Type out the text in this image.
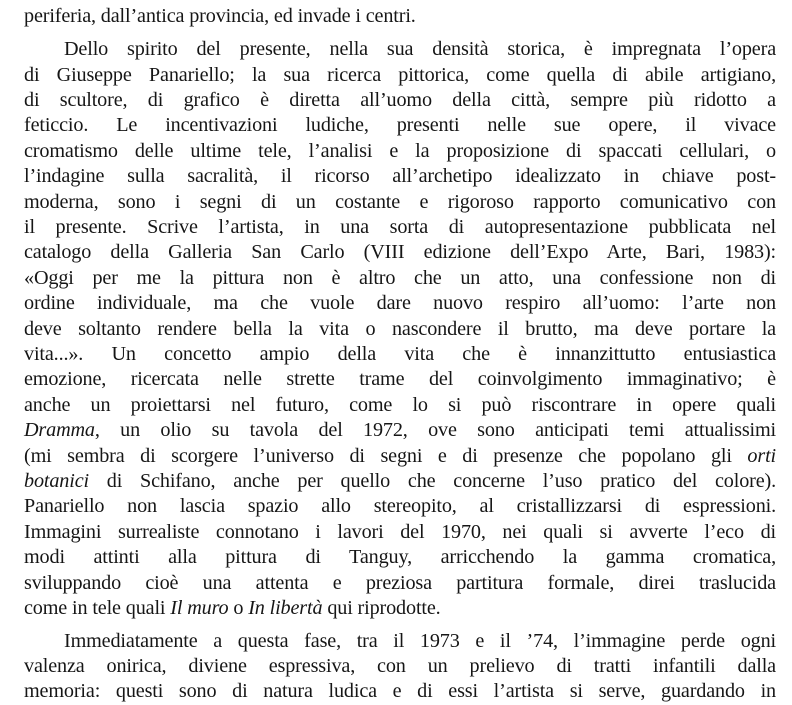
periferia, dall’antica provincia, ed invade i centri.
Dello spirito del presente, nella sua densità storica, è impregnata l’opera
di Giuseppe Panariello; la sua ricerca pittorica, come quella di abile artigiano,
di scultore, di grafico è diretta all’uomo della città, sempre più ridotto a
feticcio. Le incentivazioni ludiche, presenti nelle sue opere, il vivace
cromatismo delle ultime tele, l’analisi e la proposizione di spaccati cellulari, o
l’indagine sulla sacralità, il ricorso all’archetipo idealizzato in chiave post-
moderna, sono i segni di un costante e rigoroso rapporto comunicativo con
il presente. Scrive l’artista, in una sorta di autopresentazione pubblicata nel
catalogo della Galleria San Carlo (VIII edizione dell’Expo Arte, Bari, 1983):
«Oggi per me la pittura non è altro che un atto, una confessione non di
ordine individuale, ma che vuole dare nuovo respiro all’uomo: l’arte non
deve soltanto rendere bella la vita o nascondere il brutto, ma deve portare la
vita...». Un concetto ampio della vita che è innanzittutto entusiastica
emozione, ricercata nelle strette trame del coinvolgimento immaginativo; è
anche un proiettarsi nel futuro, come lo si può riscontrare in opere quali
Dramma, un olio su tavola del 1972, ove sono anticipati temi attualissimi
(mi sembra di scorgere l’universo di segni e di presenze che popolano gli orti
botanici di Schifano, anche per quello che concerne l’uso pratico del colore).
Panariello non lascia spazio allo stereopito, al cristallizzarsi di espressioni.
Immagini surrealiste connotano i lavori del 1970, nei quali si avverte l’eco di
modi attinti alla pittura di Tanguy, arricchendo la gamma cromatica,
sviluppando cioè una attenta e preziosa partitura formale, direi traslucida
come in tele quali Il muro o In libertà qui riprodotte.
Immediatamente a questa fase, tra il 1973 e il ’74, l’immagine perde ogni
valenza onirica, diviene espressiva, con un prelievo di tratti infantili dalla
memoria: questi sono di natura ludica e di essi l’artista si serve, guardando in
